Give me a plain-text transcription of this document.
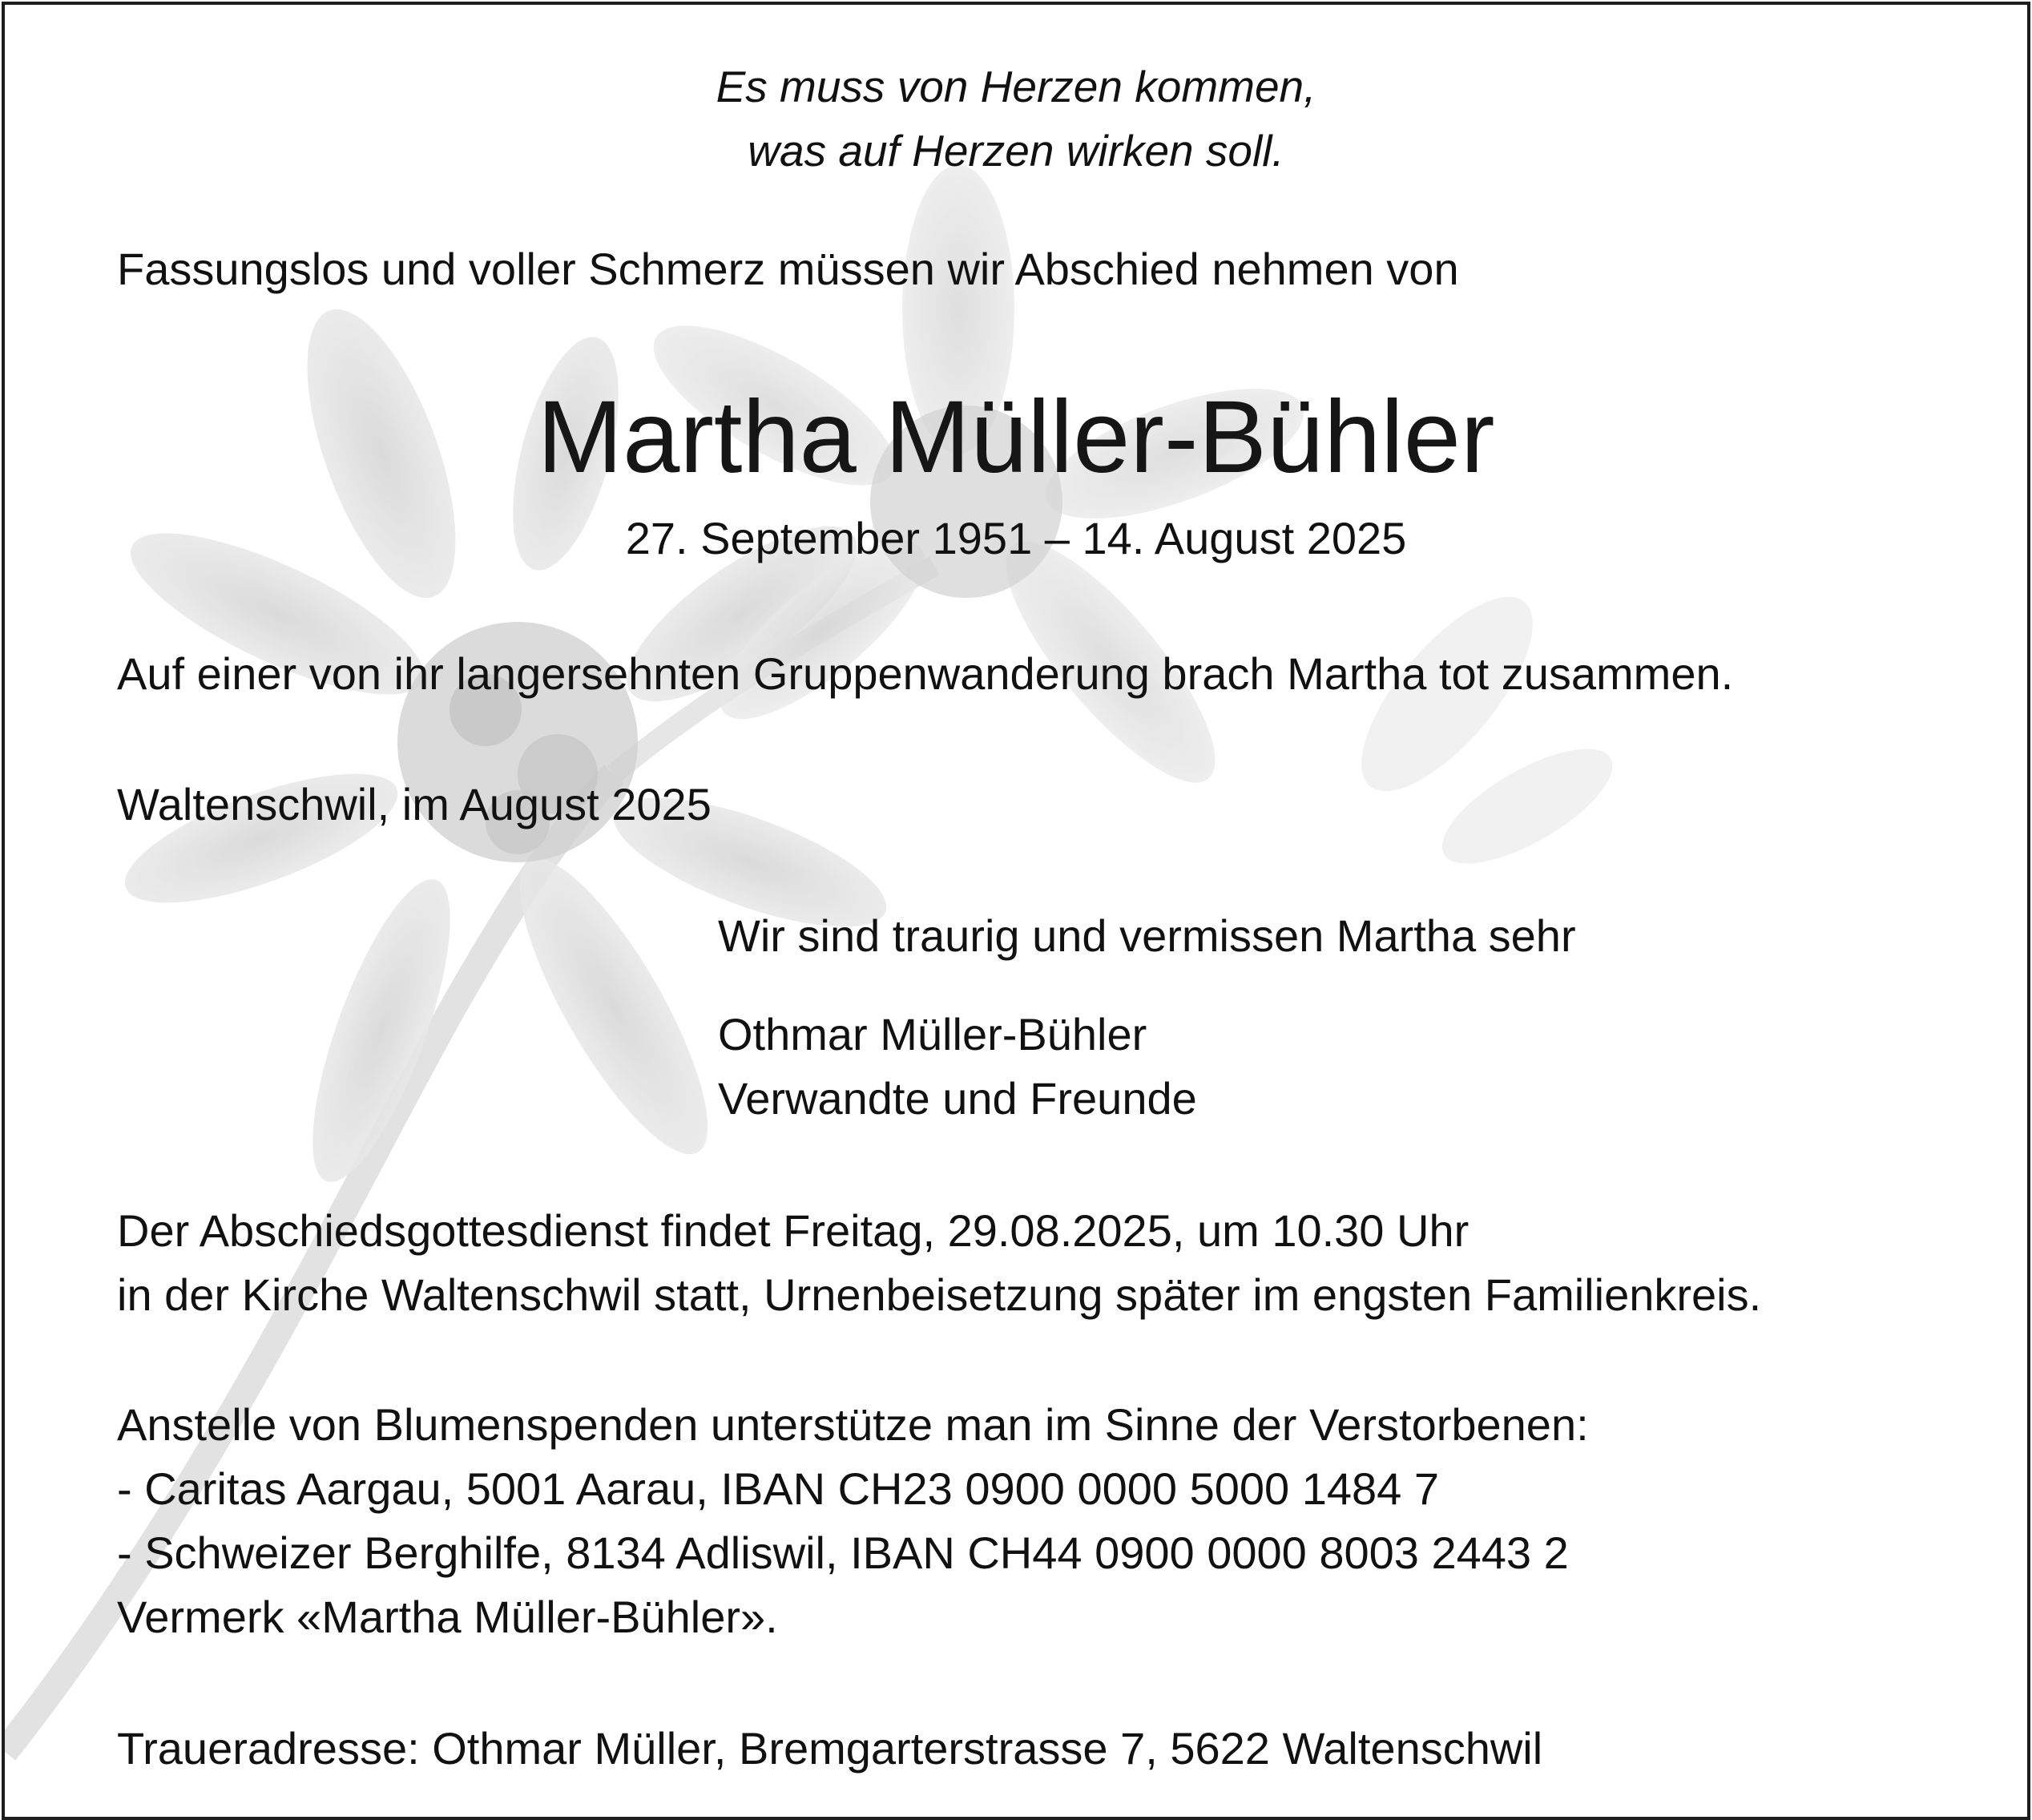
Es muss von Herzen kommen,

was auf Herzen wirken soll.

Fassungslos und voller Schmerz müssen wir Abschied nehmen von

Martha Müller-Bühler

27. September 1951 – 14. August 2025

Auf einer von ihr langersehnten Gruppenwanderung brach Martha tot zusammen.

Waltenschwil, im August 2025

Wir sind traurig und vermissen Martha sehr

Othmar Müller-Bühler

Verwandte und Freunde

Der Abschiedsgottesdienst findet Freitag, 29.08.2025, um 10.30 Uhr

in der Kirche Waltenschwil statt, Urnenbeisetzung später im engsten Familienkreis.

Anstelle von Blumenspenden unterstütze man im Sinne der Verstorbenen:

- Caritas Aargau, 5001 Aarau, IBAN CH23 0900 0000 5000 1484 7

- Schweizer Berghilfe, 8134 Adliswil, IBAN CH44 0900 0000 8003 2443 2

Vermerk «Martha Müller-Bühler».

Traueradresse: Othmar Müller, Bremgarterstrasse 7, 5622 Waltenschwil
